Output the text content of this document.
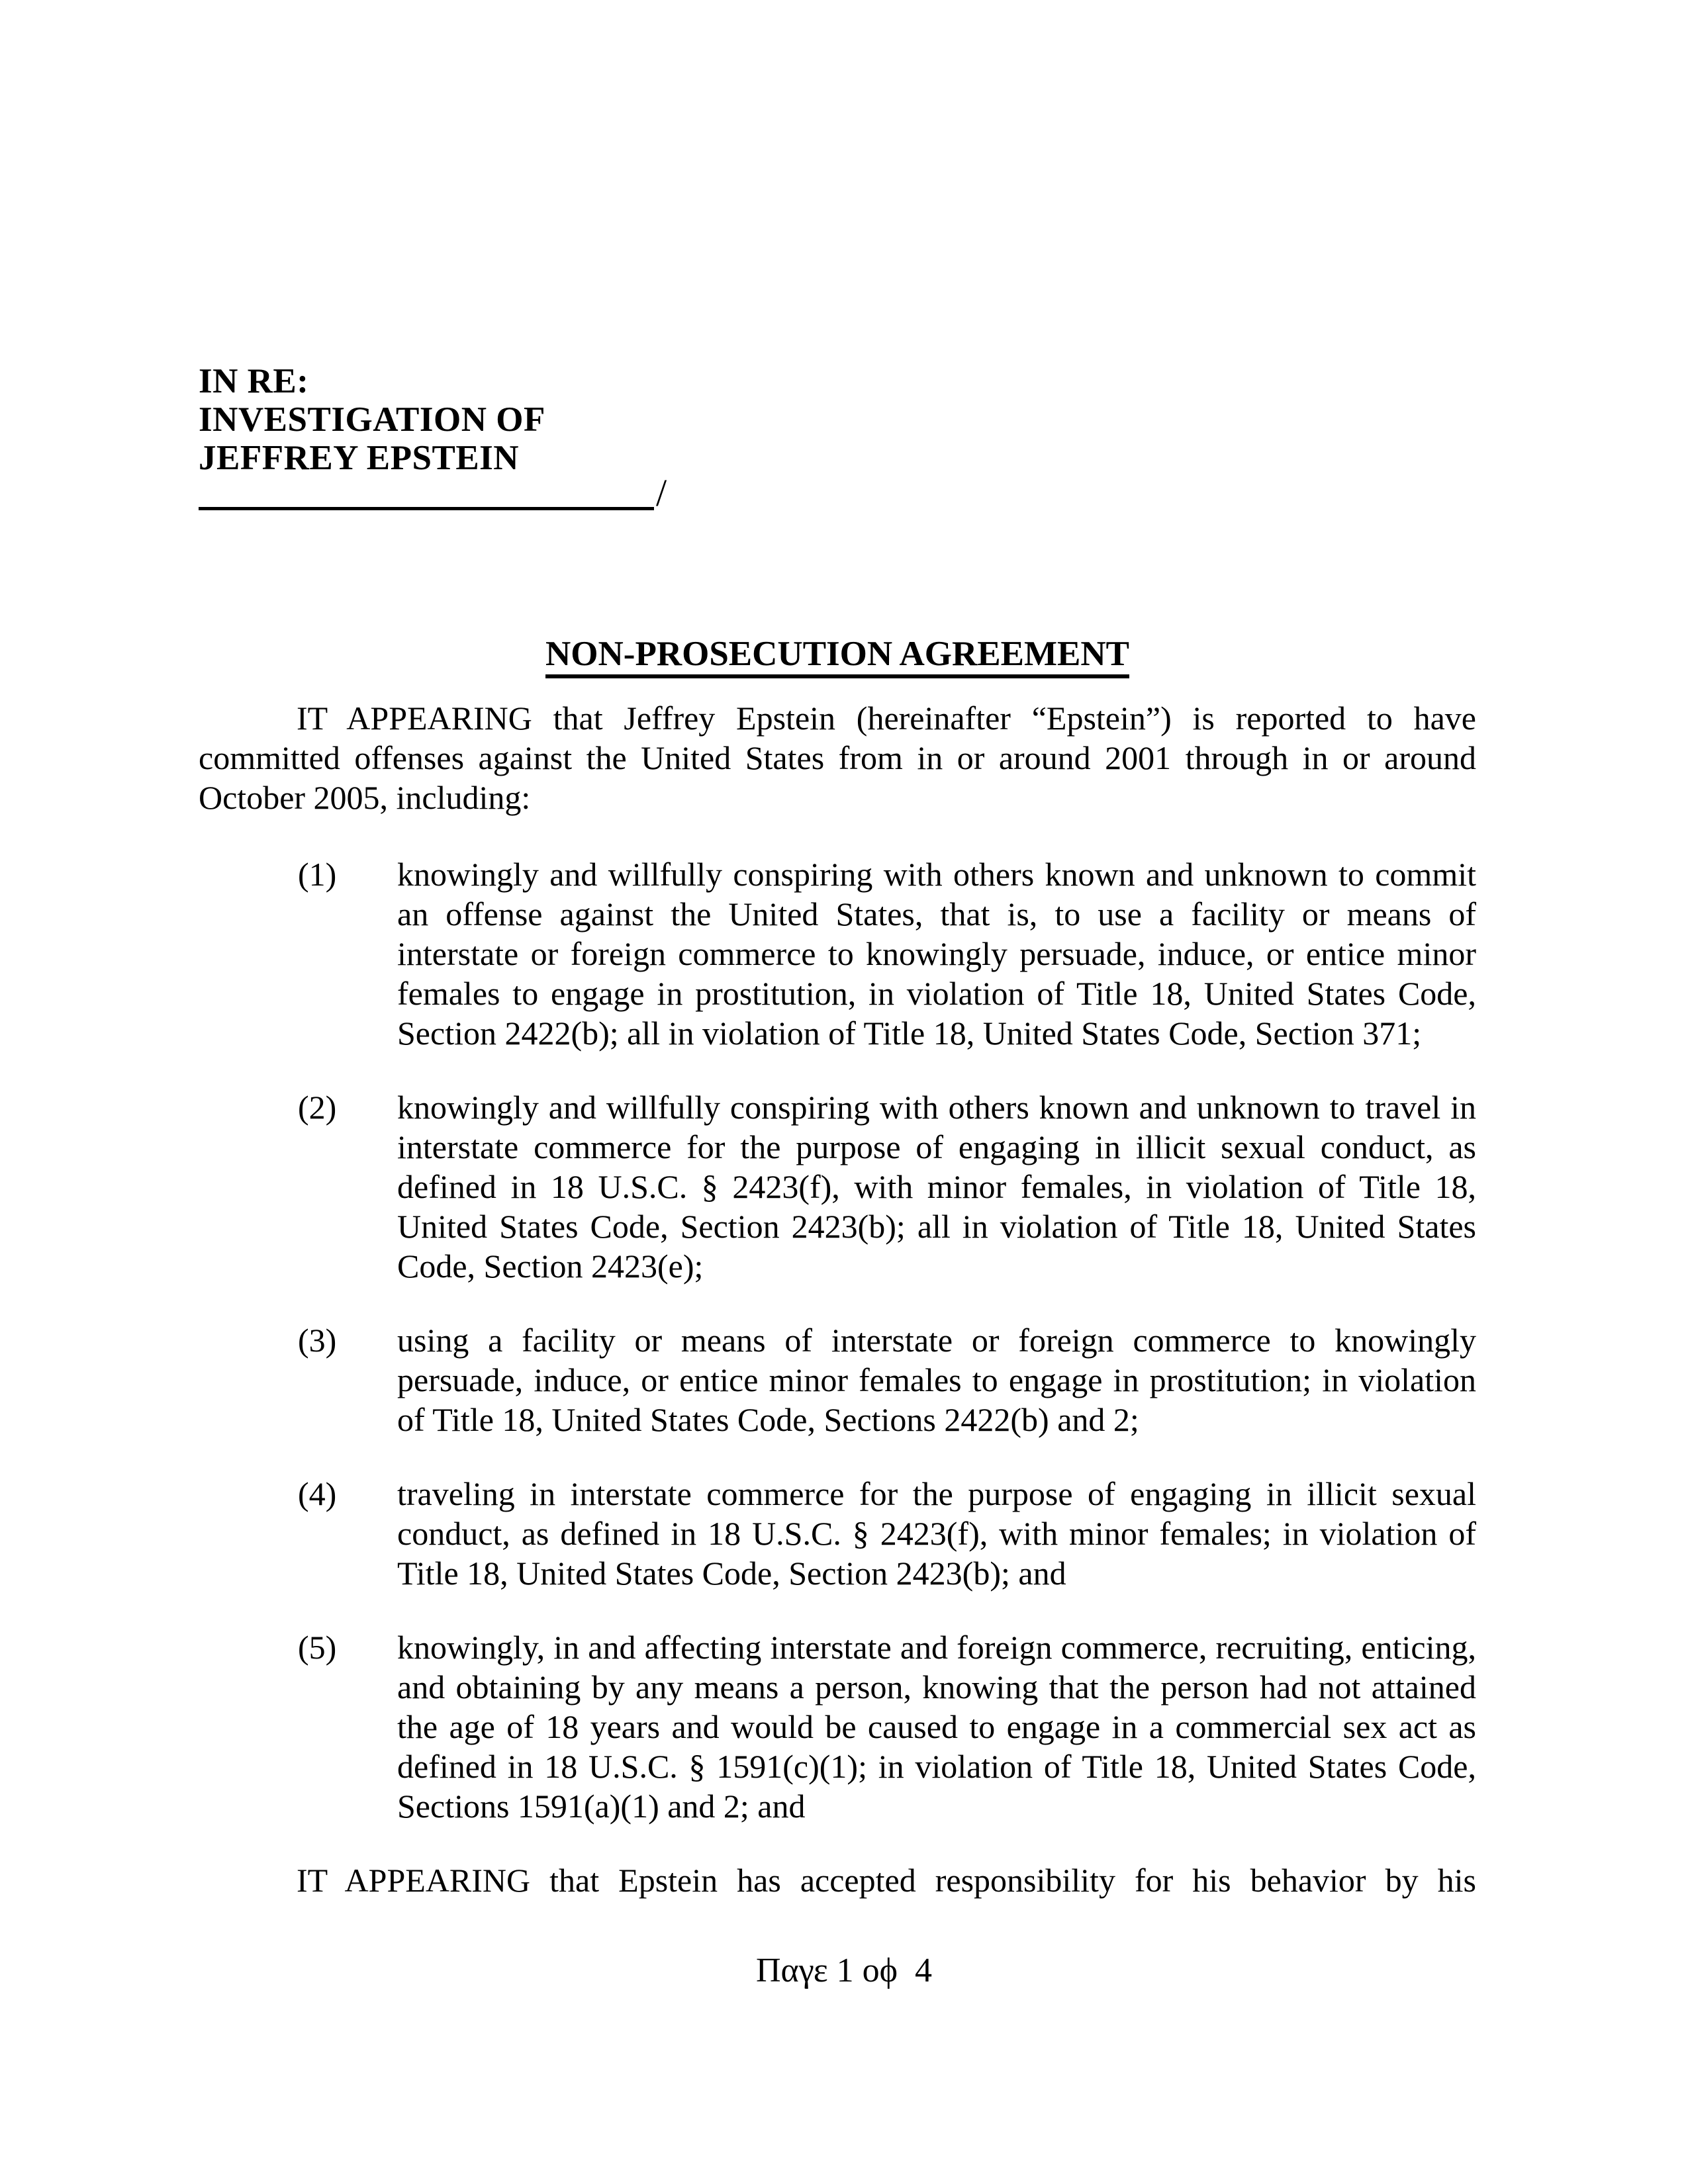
IN RE:
INVESTIGATION OF
JEFFREY EPSTEIN
/
NON-PROSECUTION AGREEMENT

IT APPEARING that Jeffrey Epstein (hereinafter “Epstein”) is reported to have committed offenses against the United States from in or around 2001 through in or around October 2005, including:

(1)	knowingly and willfully conspiring with others known and unknown to commit an offense against the United States, that is, to use a facility or means of interstate or foreign commerce to knowingly persuade, induce, or entice minor females to engage in prostitution, in violation of Title 18, United States Code, Section 2422(b); all in violation of Title 18, United States Code, Section 371;
(2)	knowingly and willfully conspiring with others known and unknown to travel in interstate commerce for the purpose of engaging in illicit sexual conduct, as defined in 18 U.S.C. § 2423(f), with minor females, in violation of Title 18, United States Code, Section 2423(b); all in violation of Title 18, United States Code, Section 2423(e);
(3)	using a facility or means of interstate or foreign commerce to knowingly persuade, induce, or entice minor females to engage in prostitution; in violation of Title 18, United States Code, Sections 2422(b) and 2;
(4)	traveling in interstate commerce for the purpose of engaging in illicit sexual conduct, as defined in 18 U.S.C. § 2423(f), with minor females; in violation of Title 18, United States Code, Section 2423(b); and
(5)	knowingly, in and affecting interstate and foreign commerce, recruiting, enticing, and obtaining by any means a person, knowing that the person had not attained the age of 18 years and would be caused to engage in a commercial sex act as defined in 18 U.S.C. § 1591(c)(1); in violation of Title 18, United States Code, Sections 1591(a)(1) and 2; and

IT APPEARING that Epstein has accepted responsibility for his behavior by his

Παγε 1 οϕ  4
